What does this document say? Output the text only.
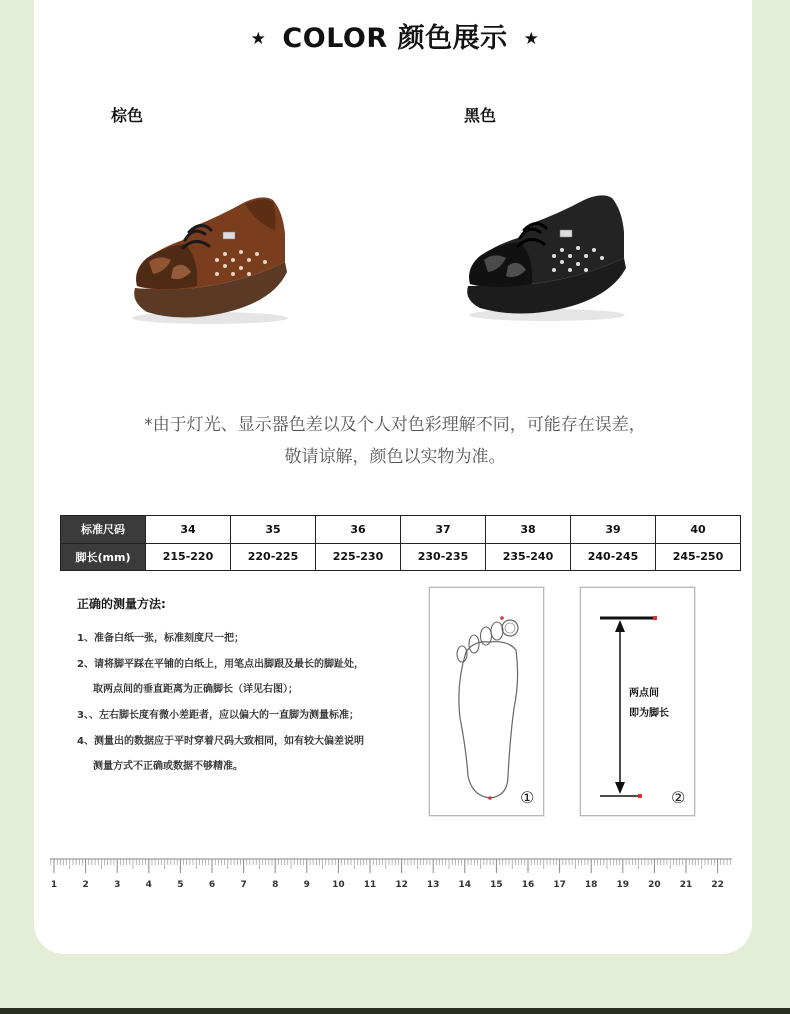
★ COLOR 颜色展示 ★
棕色	黑色
*由于灯光、显示器色差以及个人对色彩理解不同，可能存在误差，
敬请谅解，颜色以实物为准。
标准尺码	34	35	36	37	38	39	40
脚长(mm)	215-220	220-225	225-230	230-235	235-240	240-245	245-250
正确的测量方法:
1、准备白纸一张，标准刻度尺一把；
2、请将脚平踩在平铺的白纸上，用笔点出脚跟及最长的脚趾处，
取两点间的垂直距离为正确脚长（详见右图）；
3、、左右脚长度有微小差距者，应以偏大的一直脚为测量标准；
4、测量出的数据应于平时穿着尺码大致相同，如有较大偏差说明
测量方式不正确或数据不够精准。
①
两点间
即为脚长
②
1	2	3	4	5	6	7	8	9 10 11 12 13 14 15 16 17 18 19 20 21 22
